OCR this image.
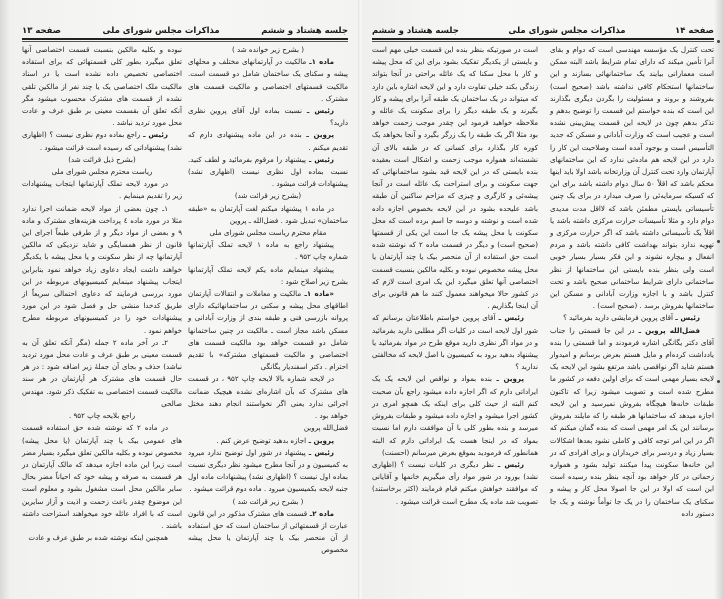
جلسه هشتاد و ششم
مذاکرات مجلس شورای ملی
صفحه ۱۳

( بشرح زیر خوانده شد )

ماده ۱ـ مالکیت در آپارتمانهای مختلف و محلهای پیشه و سکنای یک ساختمان شامل دو قسمت است. مالکیت قسمتهای اختصاصی و مالکیت قسمت های مشترک .

رئیس ـ نسبت بماده اول آقای پروین نظری دارید؟

پروین ـ بنده در این ماده پیشنهادی دارم که تقدیم میکنم .

رئیس ـ پیشنهاد را مرقوم بفرمائید و لطف کنید. نسبت بماده اول نظری نیست (اظهاری نشد) پیشنهادات قرائت میشود .

(بشرح زیر قرائت شد)

در ماده ۱ پیشنهاد میکنم لغت آپارتمان به «طبقه ساختمان» تبدیل شود . فضل‌الله ـ پروین

مقام محترم ریاست مجلس شورای ملی

پیشنهاد راجع به ماده ۱ لایحه تملک آپارتمانها شماره چاپ ۹۵۲ .

پیشنهاد مینمایم ماده یکم لایحه تملک آپارتمانها بشرح زیر اصلاح شود :

«ماده ۱ـ مالکیت و معاملات و انتقالات آپارتمان اطاقهای محل پیشه و سکنی در ساختمانهائیکه دارای پروانه بازرسی فنی و طبقه بندی از وزارت آبادانی و مسکن باشد مجاز است ـ مالکیت در چنین ساختمانها شامل دو قسمت خواهد بود مالکیت قسمت های اختصاصی و مالکیت قسمتهای مشترکه» با تقدیم احترام . دکتر اسفندیار یگانگی

در لایحه شماره بالا لایحه چاپ ۹۵۲ ، در قسمت های مشترک که بآن اشاره‌ای نشده هیچیک ضمانت اجرائی ندارد یعنی اگر نخواستند انجام دهند مختل خواهد بود .

فضل‌الله پروین

پروین ـ اجازه بدهید توضیح عرض کنم .

رئیس ـ پیشنهاد در شور اول توضیح ندارد میرود به کمیسیون و در آنجا مطرح میشود نظر دیگری نسبت بماده اول نیست ؟ (اظهاری نشد) پیشنهادات ماده اول جنبه لایحه بکمیسیون میرود . ماده دوم قرائت میشود .

( بشرح زیر قرائت شد )

ماده ۲ـ قسمت های مشترک مذکور در این قانون عبارت از قسمتهائی از ساختمان است که حق استفاده از آن منحصر بیک یا چند آپارتمان یا محل پیشه مخصوص

نبوده و بکلیه مالکین بنسبت قسمت اختصاصی آنها تعلق میگیرد بطور کلی قسمتهائی که برای استفاده اختصاصی تخصیص داده نشده است یا در اسناد مالکیت ملک اختصاصی یک یا چند نفر از مالکین تلقی نشده از قسمت های مشترک محسوب میشود مگر آنکه تعلق آن بقسمت معینی بر طبق عرف و عادت محل مورد تردید نباشد .

رئیس ـ راجع بماده دوم نظری نیست ؟ (اظهاری نشد) پیشنهاداتی که رسیده است قرائت میشود .

(بشرح ذیل قرائت شد)

ریاست محترم مجلس شورای ملی

در مورد لایحه تملک آپارتمانها ایتجاب پیشنهادات زیر را تقدیم مینمایم .

۱ـ چون بعضی از مواد لایحه ضمانت اجرا ندارد مثلا در مورد ماده ٤ پرداخت هزینه‌های مشترک و ماده ۹ و بعضی از مواد دیگر و از طرفی طبعاً اجرای این قانون از نظر همسایگی و شاید نزدیکی که مالکین آپارتمانها چه از نظر سکونت و یا محل پیشه با یکدیگر خواهند داشت ایجاد دعاوی زیاد خواهد نمود بنابراین ایتجاب پیشنهاد مینمایم کمیسیونهای مربوطه در این مورد بررسی فرمایند که دعاوی احتمالی سریعاً از طریق کدخدا منشی حل و فصل شود در این مورد پیشنهادات خود را در کمیسیونهای مربوطه مطرح خواهم نمود .

۲ـ در آخر ماده ۲ جمله (مگر آنکه تعلق آن به قسمت معینی بر طبق عرف و عادت محل مورد تردید نباشد) حذف و بجای آن جملهٔ زیر اضافه شود : در هر حال قسمت های مشترک هر آپارتمان در هر سند مالکیت قسمت اختصاصی به تفکیک ذکر شود. مهندس صالحی

راجع بلایحه چاپ ۹۵۲ .

در ماده ۲ که نوشته شده حق استفاده قسمت های عمومی بیک یا چند آپارتمان (یا محل پیشه) مخصوص نبوده و بکلیه مالکین تعلق میگیرد بسیار مضر است زیرا این ماده اجازه میدهد که مالک آپارتمان در هر قسمت به صرفه و پیشه خود که احیاناً مضر بحال سایر مالکین محل است مشغول بشود و معلوم است این موضوع چقدر باعث زحمت و اذیت و آزار سایرین است که با افراد عائله خود میخواهند استراحت داشته باشند .

همچنین اینکه نوشته شده بر طبق عرف و عادت

صفحه ۱۴
مذاکرات مجلس شورای ملی
جلسه هشتاد و ششم

تحت کنترل یک مؤسسه مهندسی است که دوام و بقای آنرا تأمین میکند که دارای تمام شرایط باشد البته ممکن است معمارانی بیایند یک ساختمانهائی بسازند و این ساختمانها استحکام کافی نداشته باشد (صحیح است) بفروشند و بروند و مسئولیت را بگردن دیگری بگذارند این است که بنده خواستم این قسمت را توضیح بدهم و تذکر بدهم چون در لایحه این قسمت پیش‌بینی نشده است و عجیب است که وزارت آبادانی و مسکن که جدید التأسیس است و بوجود آمده است وصلاحیت این کار را دارد در این لایحه هم ماده‌ئی ندارد که این ساختمانهای آپارتمان وارد تحت کنترل آن وزارتخانه باشد اولا باید اینها محکم باشد که اقلاً ۵۰ سال دوام داشته باشد برای این که کسیکه سرمایه‌ئی را صرف میدارد در برای یک چنین تأسیساتی بایستی مطمئن باشد که لااقل مدت مدیدی دوام دارد و مثلا تأسیسات حرارت مرکزی داشته باشد یا اقلاً یک تأسیساتی داشته باشد که اگر حرارت مرکزی و تهویه ندارد بتواند بهداشت کافی داشته باشد و مردم انفعال و بیچاره نشوند و این فکر بسیار بسیار خوبی است ولی بنظر بنده بایستی این ساختمانها از نظر ساختمانی دارای شرایط ساختمانی صحیح باشد و تحت کنترل باشد و با اجازه وزارت آبادانی و مسکن این ساختمانها بفروش برسد . (صحیح است) .

رئیس ـ آقای پروین فرمایشی دارید بفرمائید ؟

فضل‌الله پروین ـ در این جا قسمتی را جناب آقای دکتر یگانگی اشاره فرمودند و اما قسمتی را بنده یادداشت کرده‌ام و مایل هستم بعرض برسانم و امیدوار هستم شاید اگر نواقصی باشد مرتفع بشود این لایحه یک لایحه بسیار مهمی است که برای اولین دفعه در کشور ما مطرح شده است و تصویب میشود زیرا که تاکنون طبقات خانه‌ها هیچگاه بفروش نمیرسید و این لایحه اجازه میدهد که ساختمانها هر طبقه را که مایلند بفروش برسانند این یک امر مهمی است که بنده گمان میکنم که اگر در این امر توجه کافی و کاملی نشود بعدها اشکالات بسیار زیاد و دردسر برای خریداران و برای افرادی که در این خانه‌ها سکونت پیدا میکنند تولید بشود و همواره زحماتی در کار خواهد بود آنچه بنظر بنده رسیده است این است که اولا در این جا اصولا محل کار و پیشه و سکنای یک ساختمان را در یک جا توأماً نوشته و یک جا دستور داده

است در صورتیکه بنظر بنده این قسمت خیلی مهم است و بایستی از یکدیگر تفکیک بشود برای این که محل پیشه و کار با محل سکنا که یک عائله براحتی در آنجا بتواند زندگی بکند خیلی تفاوت دارد و این لایحه اشاره باین دارد که میتواند در یک ساختمان یک طبقه آنرا برای پیشه و کار بگیرند و یک طبقه دیگر را برای سکونت یک عائله و ملاحظه خواهید فرمود این چقدر موجب زحمت خواهد بود مثلا اگر یک طبقه را یک زرگر بگیرد و آنجا بخواهد یک کوره کار بگذارد برای کسانی که در طبقه بالای آن نشسته‌اند همواره موجب زحمت و اشکال است بعقیده بنده بایستی که در این لایحه قید بشود ساختمانهائی که جهت سکونت و برای استراحت یک عائله است در آنجا پیشه‌ئی و کارگری و چیزی که مزاحم ساکنین آن طبقه باشد علیحده بشود در این لایحه بخصوص اجازه داده شده است و نوشته و دوسه جا اسم برده است که محل سکونت یا محل پیشه یک جا است این یکی از قسمتها (صحیح است) و دیگر در قسمت ماده ۲ که نوشته شده است حق استفاده از آن منحصر بیک یا چند آپارتمان یا محل پیشه مخصوص نبوده و بکلیه مالکین بنسبت قسمت اختصاصی آنها تعلق میگیرد این یک امری است لازم که در کشور حالا میخواهند معمول کنند ما هم قانونی برای آن اینجا بگذاریم .

رئیس ـ آقای پروین خواستم باطلاعتان برسانم که شور اول لایحه است در کلیات اگر مطلبی دارید بفرمائید و در مواد اگر نظری دارید موقع طرح در مواد بفرمائید یا پیشنهاد بدهید برود به کمیسیون با اصل لایحه که مخالفتی ندارید ؟

پروین ـ بنده بمواد و نواقص این لایحه یک یک ایراداتی دارم که اگر اجازه داده میشود راجع بآن صحبت کنم البته از حیث کلی برای اینکه یک همچو امری در کشور اجرا میشود و اجازه داده میشود و طبقات بفروش میرسد و بنده بطور کلی با آن موافقت دارم اما نسبت بمواد که در اینجا هست یک ایراداتی دارم که البته همانطور که فرمودید بموقع بعرض میرسانم (احسنت)

رئیس ـ نظر دیگری در کلیات نیست ؟ (اظهاری نشد) بورود در شور مواد رأی میگیریم خانمها و آقایانی که موافقند خواهش میکنم قیام فرمایند (اکثر برخاستند) تصویب شد ماده یک مطرح است قرائت میشود .
